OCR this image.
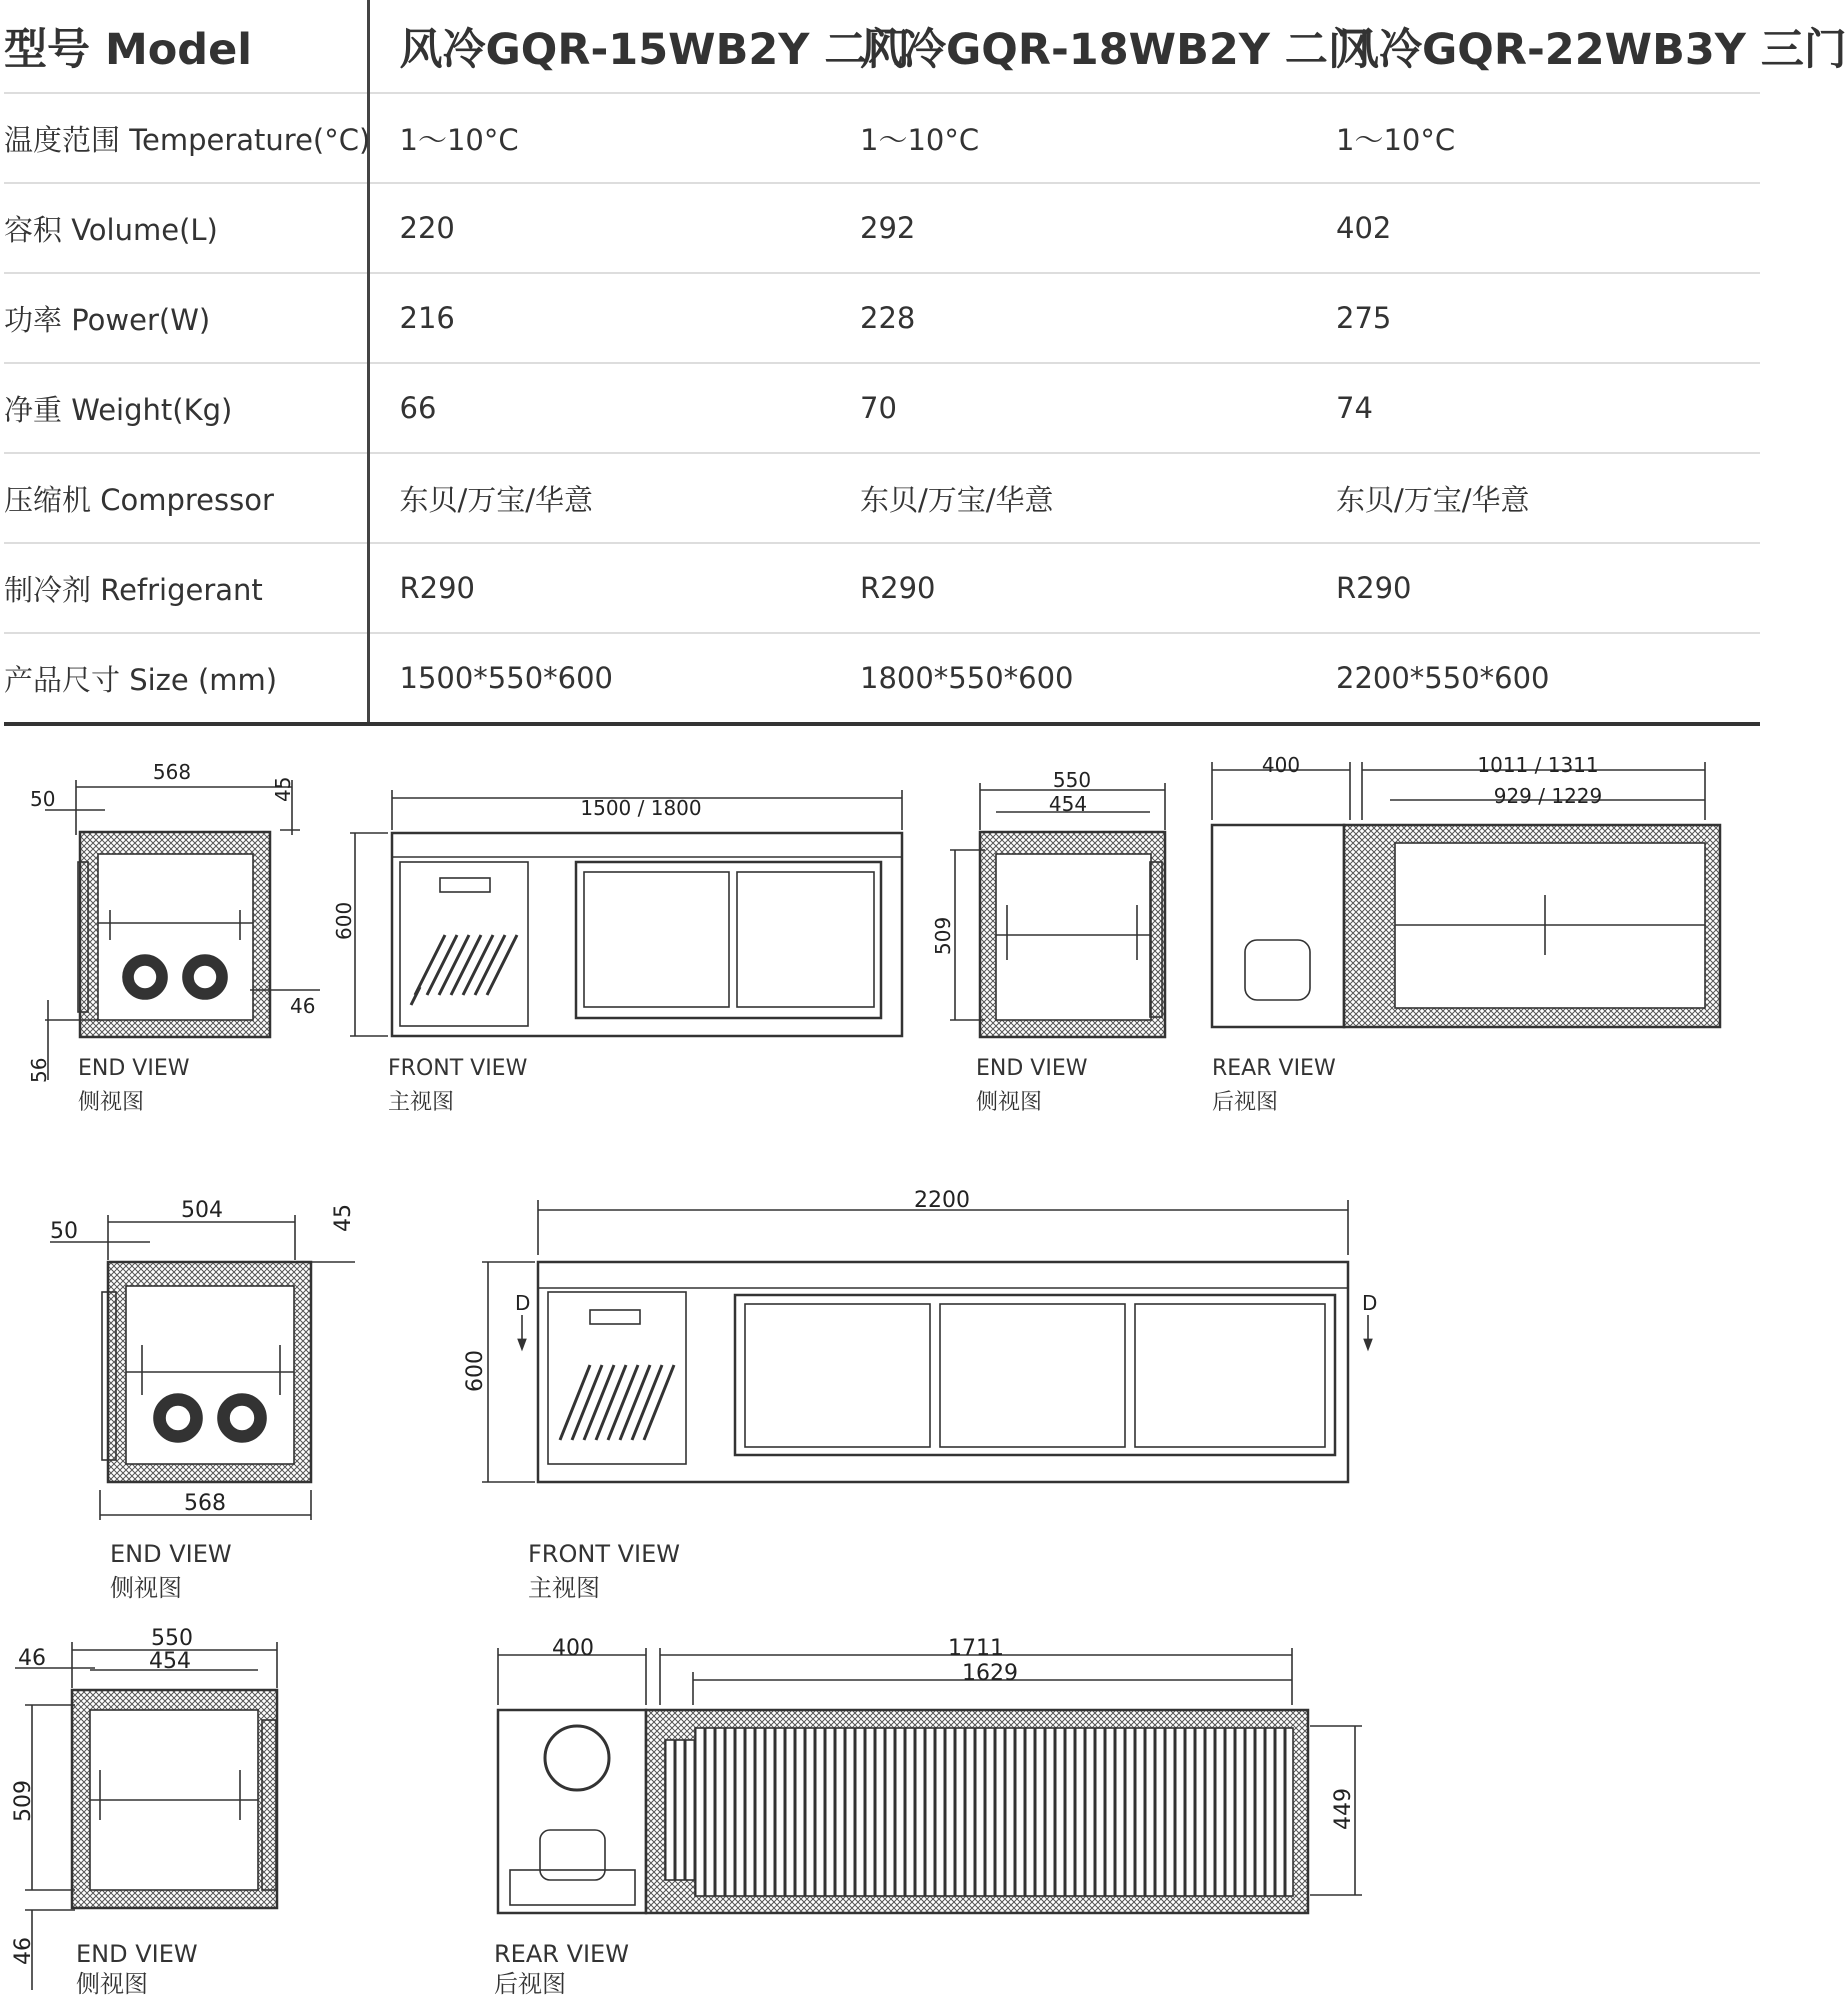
型号 Model	风冷GQR-15WB2Y 二门	风冷GQR-18WB2Y 二门	风冷GQR-22WB3Y 三门
温度范围 Temperature(°C)	1～10°C	1～10°C	1～10°C
容积 Volume(L)	220	292	402
功率 Power(W)	216	228	275
净重 Weight(Kg)	66	70	74
压缩机 Compressor	东贝/万宝/华意	东贝/万宝/华意	东贝/万宝/华意
制冷剂 Refrigerant	R290	R290	R290
产品尺寸 Size (mm)	1500*550*600	1800*550*600	2200*550*600
568
50	45
46
56 END VIEW
侧视图
1500 / 1800
600
FRONT VIEW
主视图
550
454
509
END VIEW
侧视图
400	1011 / 1311
929 / 1229
REAR VIEW
后视图
504
50	45
568
END VIEW
侧视图
2200
600
D	D
FRONT VIEW
主视图
550
454
46
509
46 END VIEW
侧视图
400	1711
1629
449
REAR VIEW
后视图
